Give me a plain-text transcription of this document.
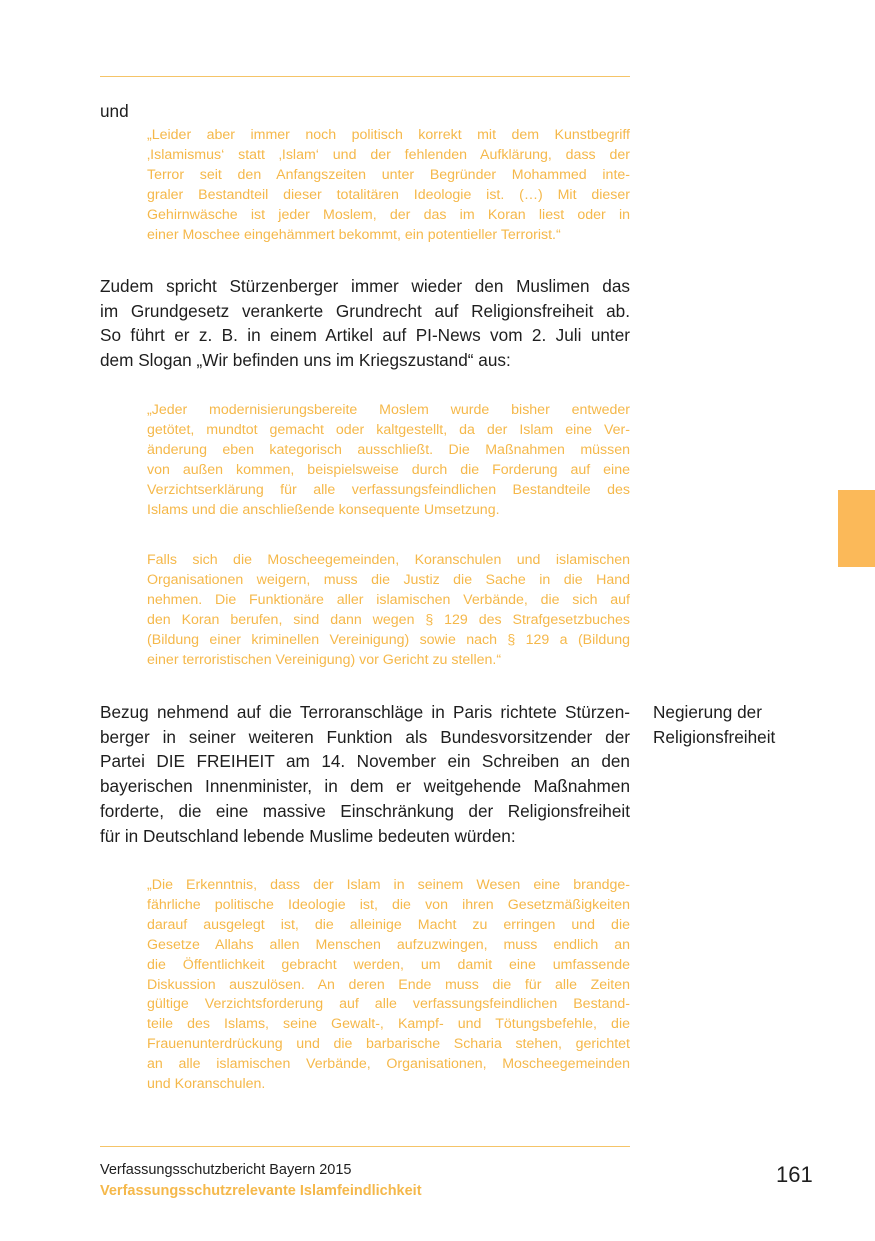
und

„Leider aber immer noch politisch korrekt mit dem Kunstbegriff
‚Islamismus‘ statt ‚Islam‘ und der fehlenden Aufklärung, dass der
Terror seit den Anfangszeiten unter Begründer Mohammed inte-
graler Bestandteil dieser totalitären Ideologie ist. (…) Mit dieser
Gehirnwäsche ist jeder Moslem, der das im Koran liest oder in
einer Moschee eingehämmert bekommt, ein potentieller Terrorist.“
Zudem spricht Stürzenberger immer wieder den Muslimen das
im Grundgesetz verankerte Grundrecht auf Religionsfreiheit ab.
So führt er z. B. in einem Artikel auf PI-News vom 2. Juli unter
dem Slogan „Wir befinden uns im Kriegszustand“ aus:
„Jeder modernisierungsbereite Moslem wurde bisher entweder
getötet, mundtot gemacht oder kaltgestellt, da der Islam eine Ver-
änderung eben kategorisch ausschließt. Die Maßnahmen müssen
von außen kommen, beispielsweise durch die Forderung auf eine
Verzichtserklärung für alle verfassungsfeindlichen Bestandteile des
Islams und die anschließende konsequente Umsetzung.
Falls sich die Moscheegemeinden, Koranschulen und islamischen
Organisationen weigern, muss die Justiz die Sache in die Hand
nehmen. Die Funktionäre aller islamischen Verbände, die sich auf
den Koran berufen, sind dann wegen § 129 des Strafgesetzbuches
(Bildung einer kriminellen Vereinigung) sowie nach § 129 a (Bildung
einer terroristischen Vereinigung) vor Gericht zu stellen.“
Bezug nehmend auf die Terroranschläge in Paris richtete Stürzen-
berger in seiner weiteren Funktion als Bundesvorsitzender der
Partei DIE FREIHEIT am 14. November ein Schreiben an den
bayerischen Innenminister, in dem er weitgehende Maßnahmen
forderte, die eine massive Einschränkung der Religionsfreiheit
für in Deutschland lebende Muslime bedeuten würden:
Negierung der
Religionsfreiheit
„Die Erkenntnis, dass der Islam in seinem Wesen eine brandge-
fährliche politische Ideologie ist, die von ihren Gesetzmäßigkeiten
darauf ausgelegt ist, die alleinige Macht zu erringen und die
Gesetze Allahs allen Menschen aufzuzwingen, muss endlich an
die Öffentlichkeit gebracht werden, um damit eine umfassende
Diskussion auszulösen. An deren Ende muss die für alle Zeiten
gültige Verzichtsforderung auf alle verfassungsfeindlichen Bestand-
teile des Islams, seine Gewalt-, Kampf- und Tötungsbefehle, die
Frauenunterdrückung und die barbarische Scharia stehen, gerichtet
an alle islamischen Verbände, Organisationen, Moscheegemeinden
und Koranschulen.
Verfassungsschutzbericht Bayern 2015
Verfassungsschutzrelevante Islamfeindlichkeit
161
